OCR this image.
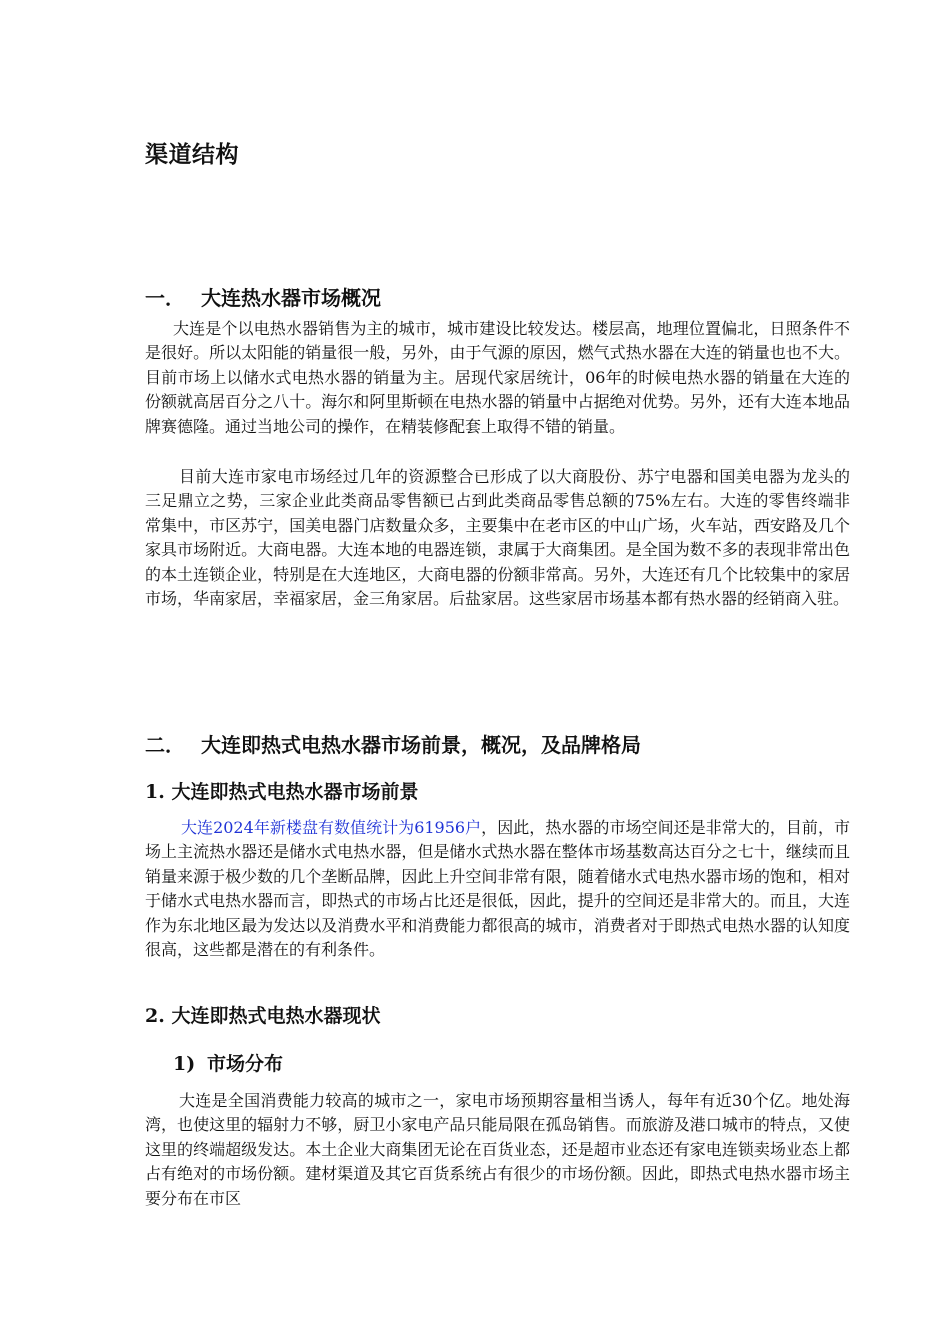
渠道结构
一． 大连热水器市场概况

大连是个以电热水器销售为主的城市，城市建设比较发达。楼层高，地理位置偏北，日照条件不是很好。所以太阳能的销量很一般，另外，由于气源的原因，燃气式热水器在大连的销量也也不大。目前市场上以储水式电热水器的销量为主。居现代家居统计，06年的时候电热水器的销量在大连的份额就高居百分之八十。海尔和阿里斯顿在电热水器的销量中占据绝对优势。另外，还有大连本地品牌赛德隆。通过当地公司的操作，在精装修配套上取得不错的销量。

目前大连市家电市场经过几年的资源整合已形成了以大商股份、苏宁电器和国美电器为龙头的三足鼎立之势，三家企业此类商品零售额已占到此类商品零售总额的75%左右。大连的零售终端非常集中，市区苏宁，国美电器门店数量众多，主要集中在老市区的中山广场，火车站，西安路及几个家具市场附近。大商电器。大连本地的电器连锁，隶属于大商集团。是全国为数不多的表现非常出色的本土连锁企业，特别是在大连地区，大商电器的份额非常高。另外，大连还有几个比较集中的家居市场，华南家居，幸福家居，金三角家居。后盐家居。这些家居市场基本都有热水器的经销商入驻。

二． 大连即热式电热水器市场前景，概况，及品牌格局
1. 大连即热式电热水器市场前景

大连2024年新楼盘有数值统计为61956户，因此，热水器的市场空间还是非常大的，目前，市场上主流热水器还是储水式电热水器，但是储水式热水器在整体市场基数高达百分之七十，继续而且销量来源于极少数的几个垄断品牌，因此上升空间非常有限，随着储水式电热水器市场的饱和，相对于储水式电热水器而言，即热式的市场占比还是很低，因此，提升的空间还是非常大的。而且，大连作为东北地区最为发达以及消费水平和消费能力都很高的城市，消费者对于即热式电热水器的认知度很高，这些都是潜在的有利条件。

2. 大连即热式电热水器现状
1) 市场分布

大连是全国消费能力较高的城市之一，家电市场预期容量相当诱人，每年有近30个亿。地处海湾，也使这里的辐射力不够，厨卫小家电产品只能局限在孤岛销售。而旅游及港口城市的特点，又使这里的终端超级发达。本土企业大商集团无论在百货业态，还是超市业态还有家电连锁卖场业态上都占有绝对的市场份额。建材渠道及其它百货系统占有很少的市场份额。因此，即热式电热水器市场主要分布在市区
